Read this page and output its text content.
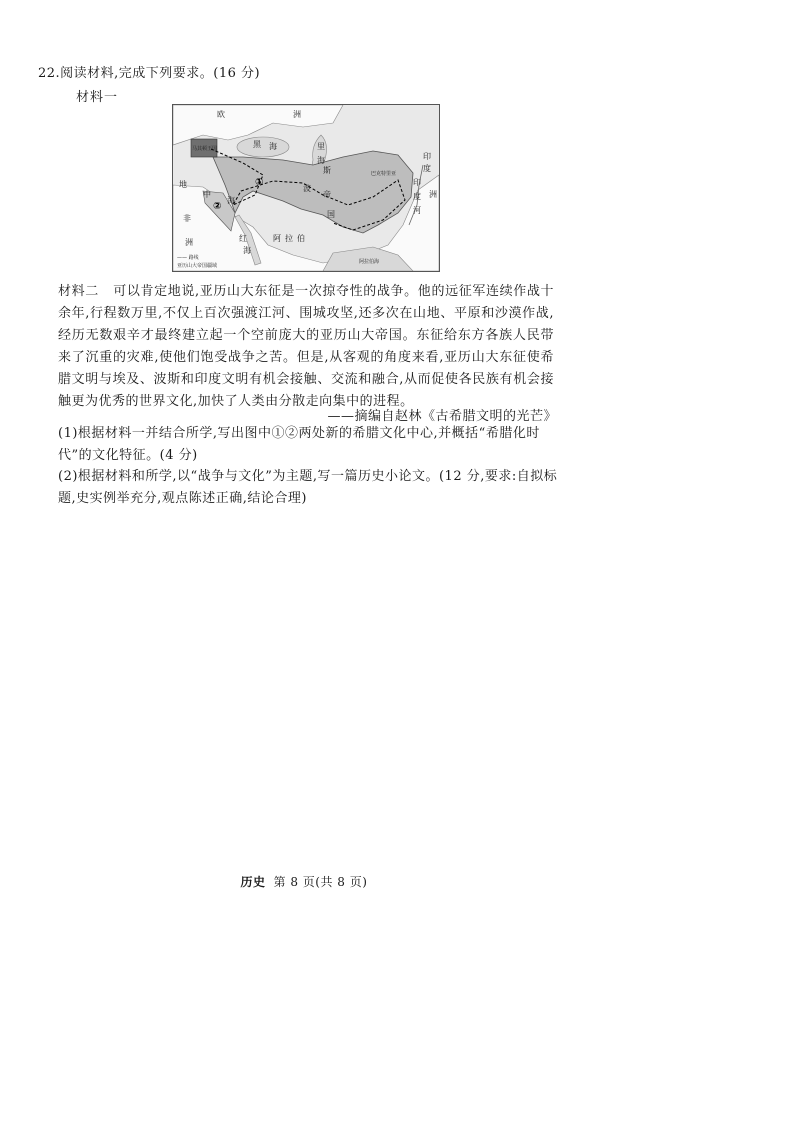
22.阅读材料,完成下列要求。(16 分)
材料一
欧	洲
黑 海	里
海
马其顿王国
①
②
地
中
海
非
洲
波
斯
帝
国
巴克特里亚
印
度
印
度
河
阿 拉 伯
红
海
阿拉伯海
洲
—— 路线
亚历山大帝国疆域

材料二 可以肯定地说,亚历山大东征是一次掠夺性的战争。他的远征军连续作战十余年,行程数万里,不仅上百次强渡江河、围城攻坚,还多次在山地、平原和沙漠作战,经历无数艰辛才最终建立起一个空前庞大的亚历山大帝国。东征给东方各族人民带来了沉重的灾难,使他们饱受战争之苦。但是,从客观的角度来看,亚历山大东征使希腊文明与埃及、波斯和印度文明有机会接触、交流和融合,从而促使各民族有机会接触更为优秀的世界文化,加快了人类由分散走向集中的进程。

——摘编自赵林《古希腊文明的光芒》

(1)根据材料一并结合所学,写出图中①②两处新的希腊文化中心,并概括“希腊化时代”的文化特征。(4 分)

(2)根据材料和所学,以“战争与文化”为主题,写一篇历史小论文。(12 分,要求:自拟标题,史实例举充分,观点陈述正确,结论合理)

历史 第 8 页(共 8 页)
